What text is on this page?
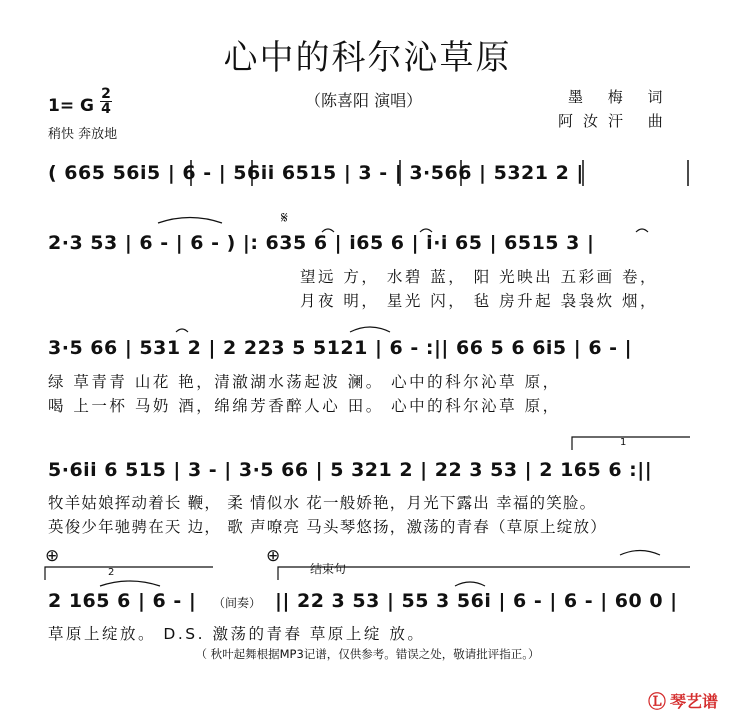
心中的科尔沁草原
（陈喜阳 演唱）	墨 梅 词
阿汝汗 曲
1= G
2
4
稍快 奔放地
( 665 56i5 | 6 - | 56ii 6515 | 3 - | 3·566 | 5321 2 |
𝄋
2·3 53 | 6 - | 6 - ) |: 635 6 | i65 6 | i·i 65 | 6515 3 |
望远 方， 水碧 蓝， 阳 光映出 五彩画 卷，
月夜 明， 星光 闪， 毡 房升起 袅袅炊 烟，
3·5 66 | 531 2 | 2 223 5 5121 | 6 - :|| 66 5 6 6i5 | 6 - |
绿 草青青 山花 艳，清澈湖水荡起波 澜。 心中的科尔沁草 原，
喝 上一杯 马奶 酒，绵绵芳香醉人心 田。 心中的科尔沁草 原，
1
5·6ii 6 515 | 3 - | 3·5 66 | 5 321 2 | 22 3 53 | 2 165 6 :||
牧羊姑娘挥动着长 鞭， 柔 情似水 花一般娇艳，月光下露出 幸福的笑脸。
英俊少年驰骋在天 边， 歌 声嘹亮 马头琴悠扬，激荡的青春（草原上绽放）
⊕	⊕
2	结束句
2 165 6 | 6 - | （间奏） || 22 3 53 | 55 3 56i | 6 - | 6 - | 60 0 |
草原上绽放。 D.S. 激荡的青春 草原上绽 放。
（ 秋叶起舞根据MP3记谱，仅供参考。错误之处，敬请批评指正。）
Ⓛ 琴艺谱
